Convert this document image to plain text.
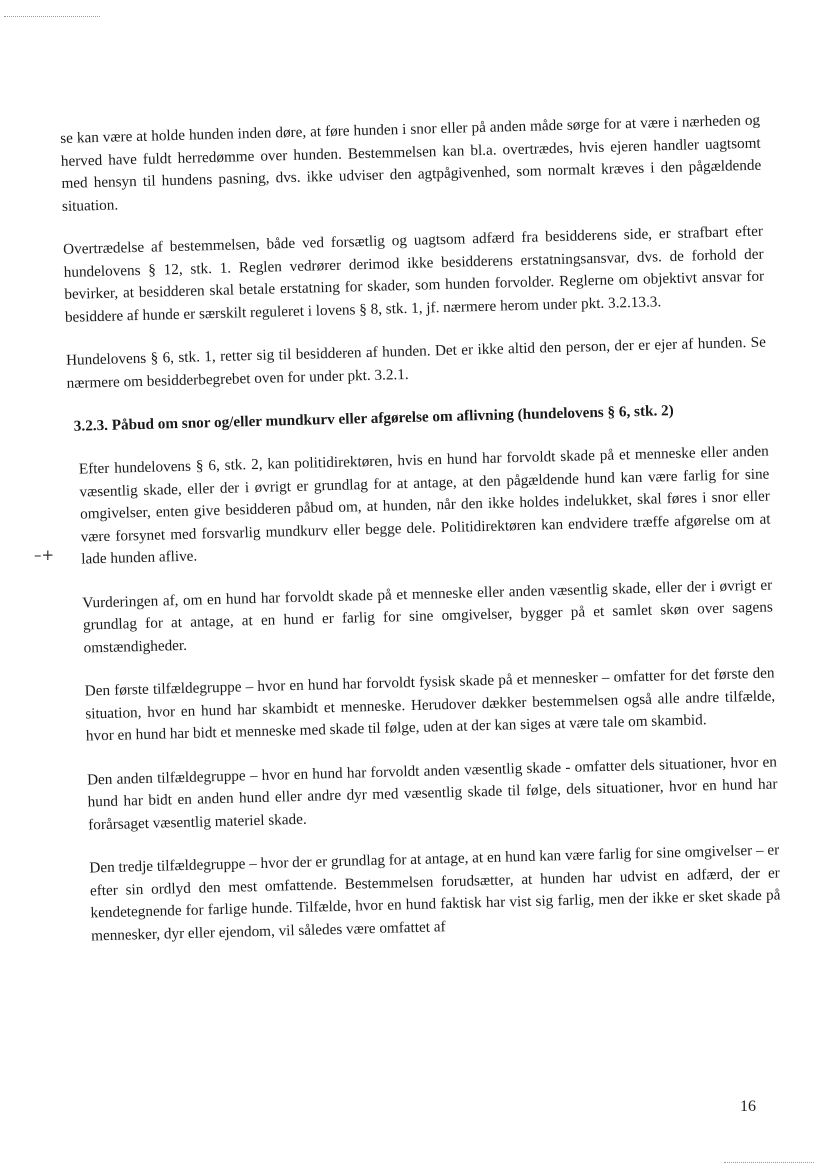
se kan være at holde hunden inden døre, at føre hunden i snor eller på anden måde sørge for at være i nærheden og herved have fuldt herredømme over hunden. Bestemmelsen kan bl.a. overtrædes, hvis ejeren handler uagtsomt med hensyn til hundens pasning, dvs. ikke udviser den agtpågivenhed, som normalt kræves i den pågældende situation.

Overtrædelse af bestemmelsen, både ved forsætlig og uagtsom adfærd fra besidderens side, er strafbart efter hundelovens § 12, stk. 1. Reglen vedrører derimod ikke besidderens erstatningsansvar, dvs. de forhold der bevirker, at besidderen skal betale erstatning for skader, som hunden forvolder. Reglerne om objektivt ansvar for besiddere af hunde er særskilt reguleret i lovens § 8, stk. 1, jf. nærmere herom under pkt. 3.2.13.3.

Hundelovens § 6, stk. 1, retter sig til besidderen af hunden. Det er ikke altid den person, der er ejer af hunden. Se nærmere om besidderbegrebet oven for under pkt. 3.2.1.

3.2.3. Påbud om snor og/eller mundkurv eller afgørelse om aflivning (hundelovens § 6, stk. 2)

Efter hundelovens § 6, stk. 2, kan politidirektøren, hvis en hund har forvoldt skade på et menneske eller anden væsentlig skade, eller der i øvrigt er grundlag for at antage, at den pågældende hund kan være farlig for sine omgivelser, enten give besidderen påbud om, at hunden, når den ikke holdes indelukket, skal føres i snor eller være forsynet med forsvarlig mundkurv eller begge dele. Politidirektøren kan endvidere træffe afgørelse om at lade hunden aflive.

Vurderingen af, om en hund har forvoldt skade på et menneske eller anden væsentlig skade, eller der i øvrigt er grundlag for at antage, at en hund er farlig for sine omgivelser, bygger på et samlet skøn over sagens omstændigheder.

Den første tilfældegruppe – hvor en hund har forvoldt fysisk skade på et mennesker – omfatter for det første den situation, hvor en hund har skambidt et menneske. Herudover dækker bestemmelsen også alle andre tilfælde, hvor en hund har bidt et menneske med skade til følge, uden at der kan siges at være tale om skambid.

Den anden tilfældegruppe – hvor en hund har forvoldt anden væsentlig skade - omfatter dels situationer, hvor en hund har bidt en anden hund eller andre dyr med væsentlig skade til følge, dels situationer, hvor en hund har forårsaget væsentlig materiel skade.

Den tredje tilfældegruppe – hvor der er grundlag for at antage, at en hund kan være farlig for sine omgivelser – er efter sin ordlyd den mest omfattende. Bestemmelsen forudsætter, at hunden har udvist en adfærd, der er kendetegnende for farlige hunde. Tilfælde, hvor en hund faktisk har vist sig farlig, men der ikke er sket skade på mennesker, dyr eller ejendom, vil således være omfattet af

–+
16
